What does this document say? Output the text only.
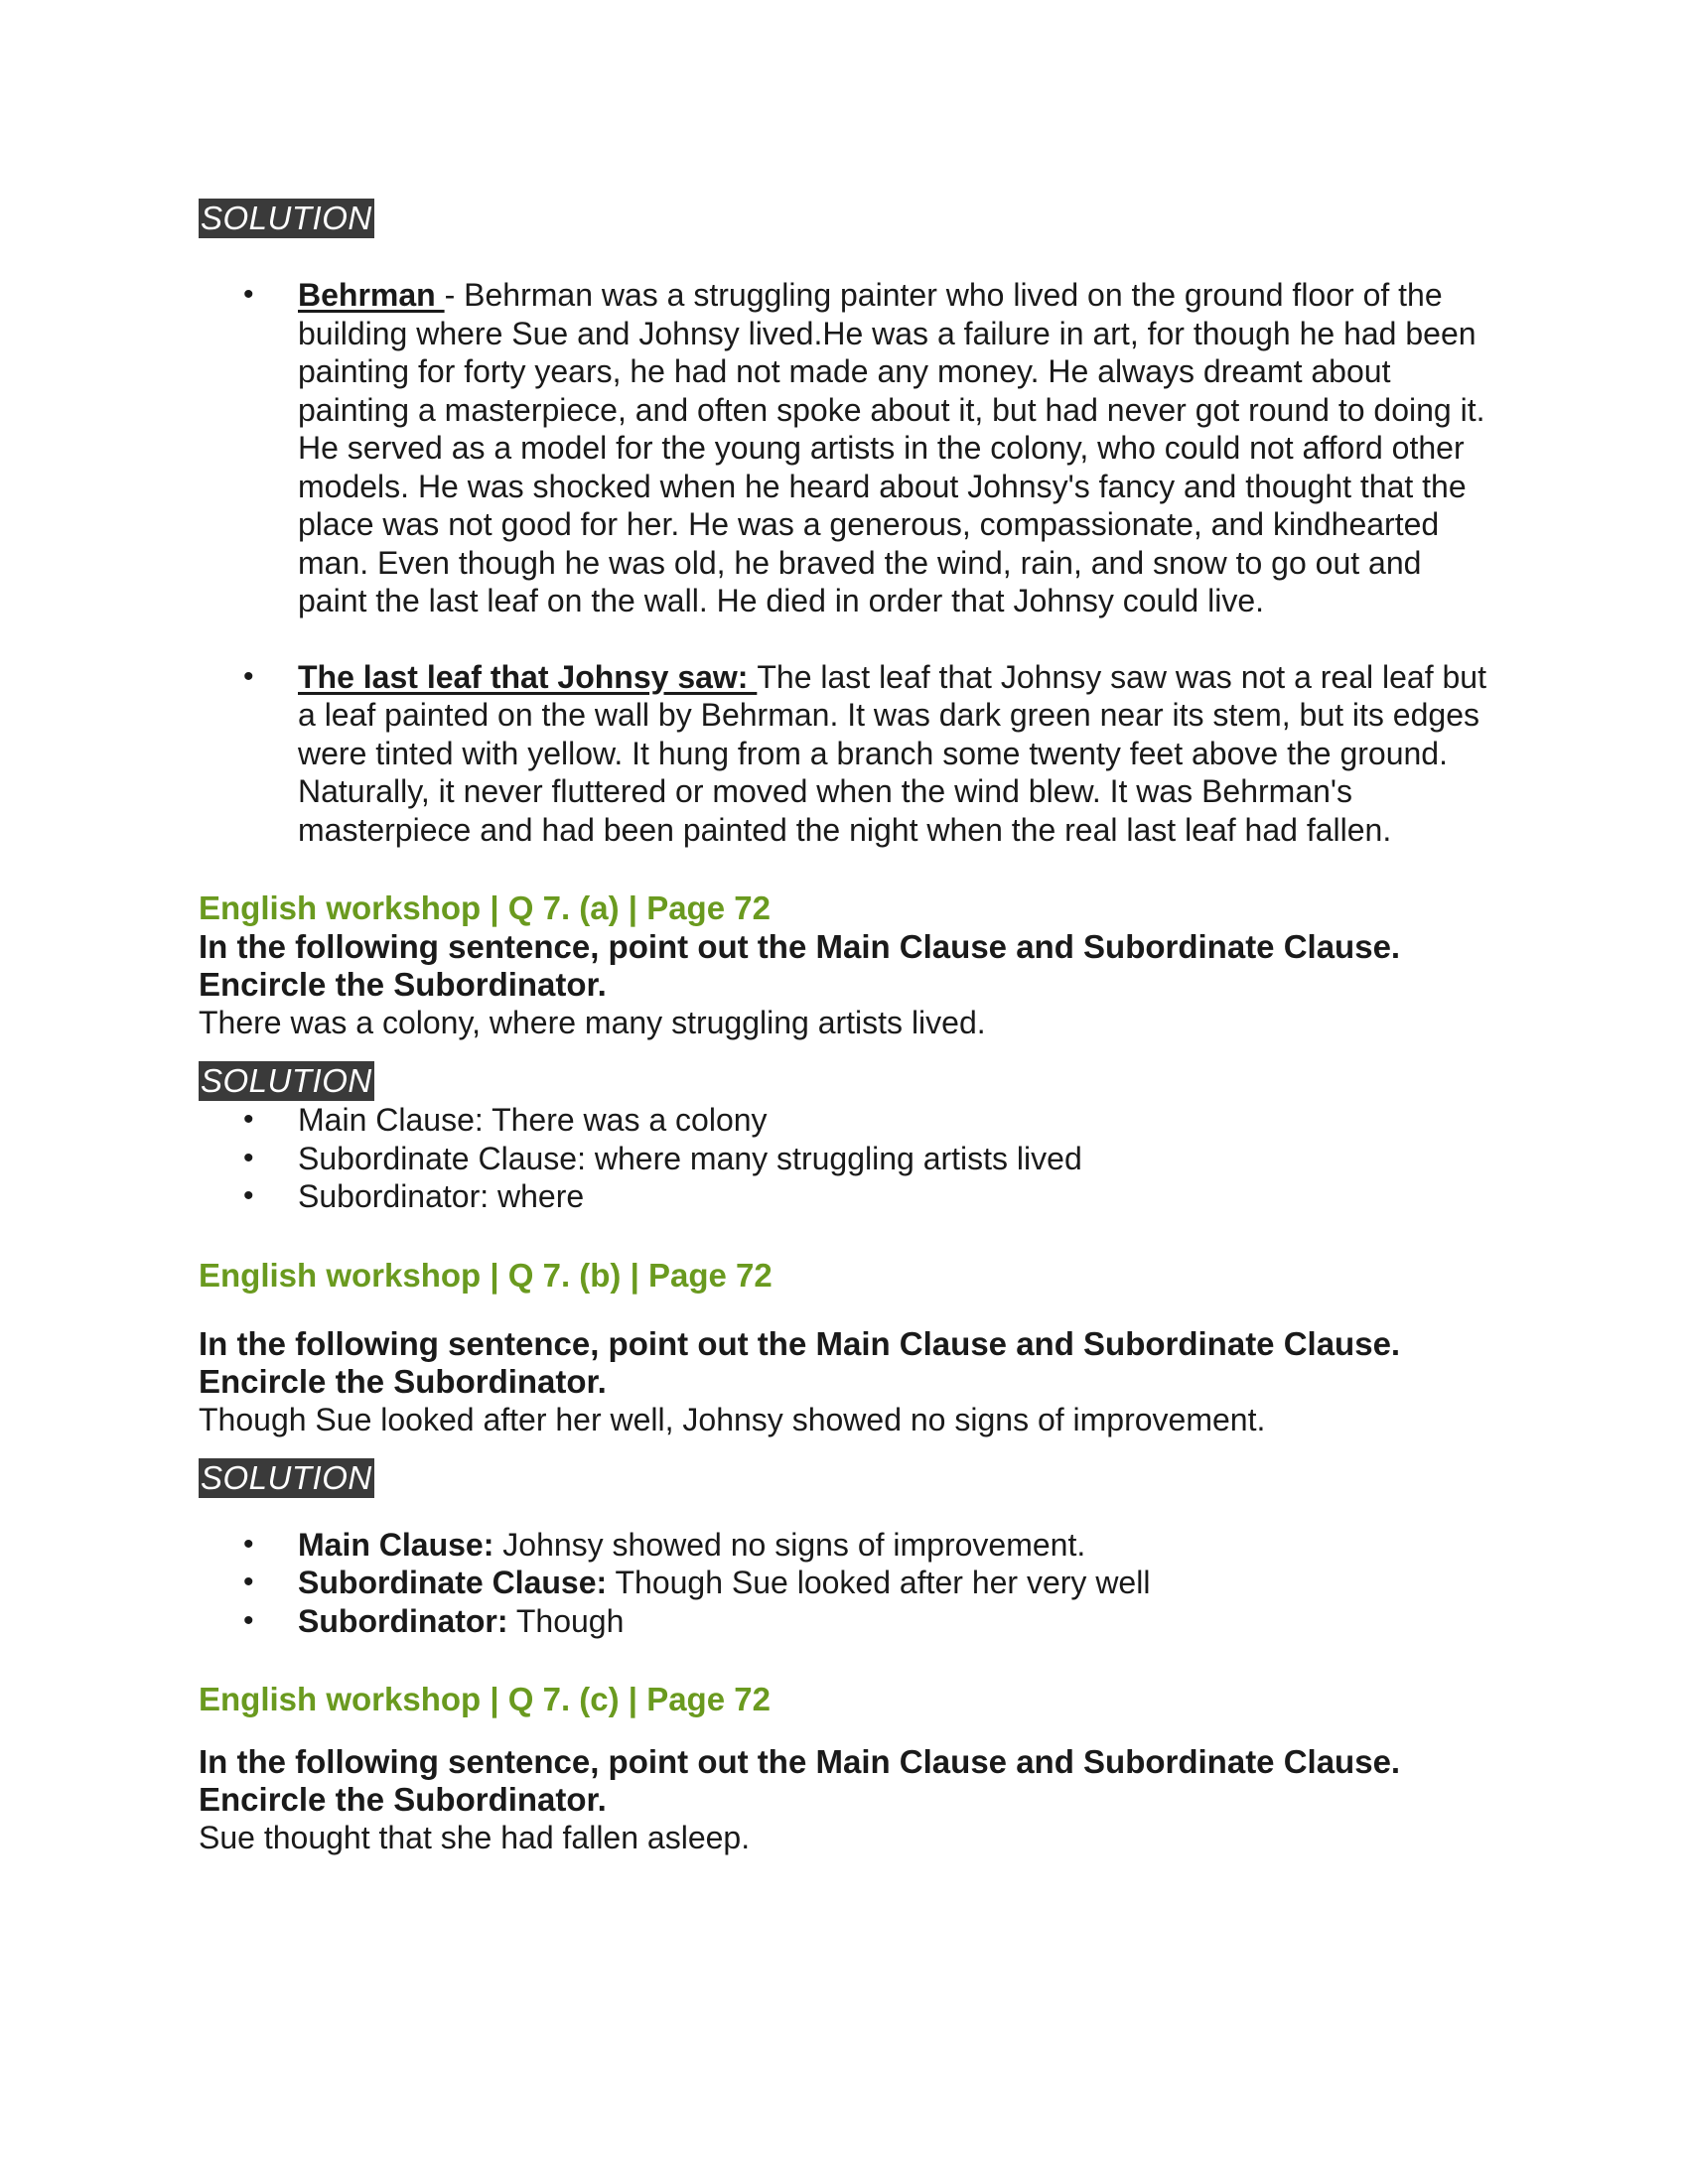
SOLUTION
• Behrman - Behrman was a struggling painter who lived on the ground floor of the building where Sue and Johnsy lived.He was a failure in art, for though he had been painting for forty years, he had not made any money. He always dreamt about painting a masterpiece, and often spoke about it, but had never got round to doing it. He served as a model for the young artists in the colony, who could not afford other models. He was shocked when he heard about Johnsy's fancy and thought that the place was not good for her. He was a generous, compassionate, and kindhearted man. Even though he was old, he braved the wind, rain, and snow to go out and paint the last leaf on the wall. He died in order that Johnsy could live.
• The last leaf that Johnsy saw: The last leaf that Johnsy saw was not a real leaf but a leaf painted on the wall by Behrman. It was dark green near its stem, but its edges were tinted with yellow. It hung from a branch some twenty feet above the ground. Naturally, it never fluttered or moved when the wind blew. It was Behrman's masterpiece and had been painted the night when the real last leaf had fallen.
English workshop | Q 7. (a) | Page 72
In the following sentence, point out the Main Clause and Subordinate Clause.
Encircle the Subordinator.
There was a colony, where many struggling artists lived.
SOLUTION
• Main Clause: There was a colony
• Subordinate Clause: where many struggling artists lived
• Subordinator: where
English workshop | Q 7. (b) | Page 72
In the following sentence, point out the Main Clause and Subordinate Clause.
Encircle the Subordinator.
Though Sue looked after her well, Johnsy showed no signs of improvement.
SOLUTION
• Main Clause: Johnsy showed no signs of improvement.
• Subordinate Clause: Though Sue looked after her very well
• Subordinator: Though
English workshop | Q 7. (c) | Page 72
In the following sentence, point out the Main Clause and Subordinate Clause.
Encircle the Subordinator.
Sue thought that she had fallen asleep.
